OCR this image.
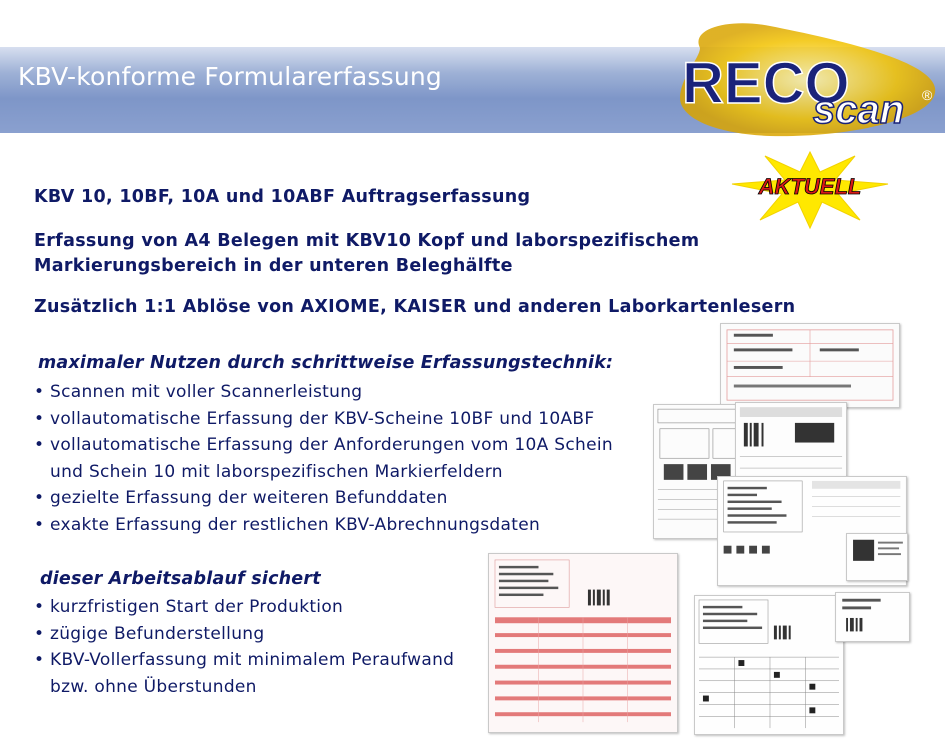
KBV-konforme Formularerfassung	RECO
scan ®
AKTUELL
KBV 10, 10BF, 10A und 10ABF Auftragserfassung
Erfassung von A4 Belegen mit KBV10 Kopf und laborspezifischem
Markierungsbereich in der unteren Beleghälfte
Zusätzlich 1:1 Ablöse von AXIOME, KAISER und anderen Laborkartenlesern
maximaler Nutzen durch schrittweise Erfassungstechnik:
• Scannen mit voller Scannerleistung
• vollautomatische Erfassung der KBV-Scheine 10BF und 10ABF
• vollautomatische Erfassung der Anforderungen vom 10A Schein
und Schein 10 mit laborspezifischen Markierfeldern
• gezielte Erfassung der weiteren Befunddaten
• exakte Erfassung der restlichen KBV-Abrechnungsdaten
dieser Arbeitsablauf sichert
• kurzfristigen Start der Produktion
• zügige Befunderstellung
• KBV-Vollerfassung mit minimalem Peraufwand
bzw. ohne Überstunden
